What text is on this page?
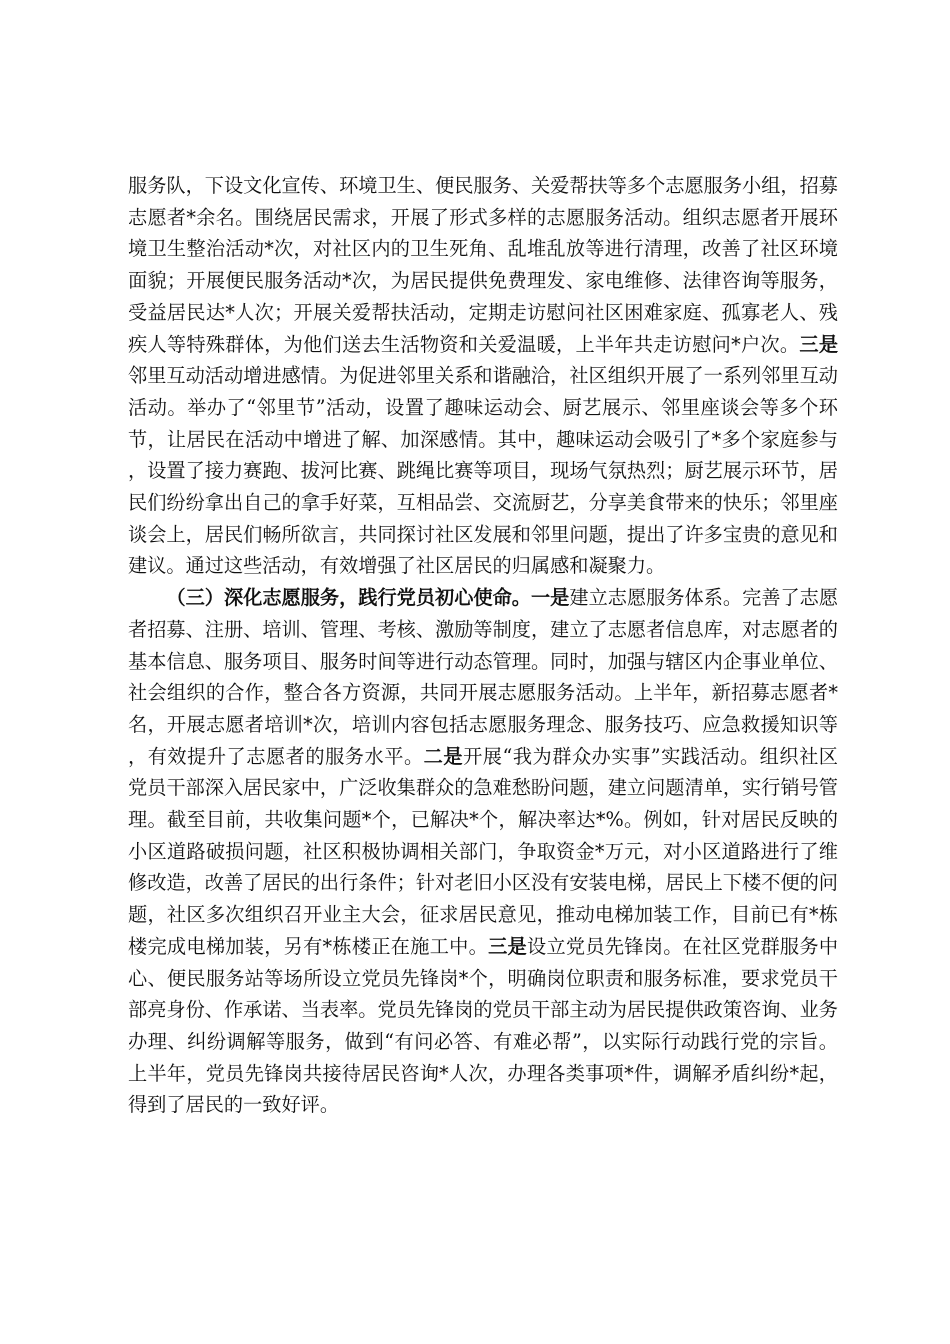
服务队，下设文化宣传、环境卫生、便民服务、关爱帮扶等多个志愿服务小组，招募志愿者*余名。围绕居民需求，开展了形式多样的志愿服务活动。组织志愿者开展环境卫生整治活动*次，对社区内的卫生死角、乱堆乱放等进行清理，改善了社区环境面貌；开展便民服务活动*次，为居民提供免费理发、家电维修、法律咨询等服务，受益居民达*人次；开展关爱帮扶活动，定期走访慰问社区困难家庭、孤寡老人、残疾人等特殊群体，为他们送去生活物资和关爱温暖，上半年共走访慰问*户次。三是邻里互动活动增进感情。为促进邻里关系和谐融洽，社区组织开展了一系列邻里互动活动。举办了“邻里节”活动，设置了趣味运动会、厨艺展示、邻里座谈会等多个环节，让居民在活动中增进了解、加深感情。其中，趣味运动会吸引了*多个家庭参与，设置了接力赛跑、拔河比赛、跳绳比赛等项目，现场气氛热烈；厨艺展示环节，居民们纷纷拿出自己的拿手好菜，互相品尝、交流厨艺，分享美食带来的快乐；邻里座谈会上，居民们畅所欲言，共同探讨社区发展和邻里问题，提出了许多宝贵的意见和建议。通过这些活动，有效增强了社区居民的归属感和凝聚力。

（三）深化志愿服务，践行党员初心使命。一是建立志愿服务体系。完善了志愿者招募、注册、培训、管理、考核、激励等制度，建立了志愿者信息库，对志愿者的基本信息、服务项目、服务时间等进行动态管理。同时，加强与辖区内企事业单位、社会组织的合作，整合各方资源，共同开展志愿服务活动。上半年，新招募志愿者*名，开展志愿者培训*次，培训内容包括志愿服务理念、服务技巧、应急救援知识等，有效提升了志愿者的服务水平。二是开展“我为群众办实事”实践活动。组织社区党员干部深入居民家中，广泛收集群众的急难愁盼问题，建立问题清单，实行销号管理。截至目前，共收集问题*个，已解决*个，解决率达*%。例如，针对居民反映的小区道路破损问题，社区积极协调相关部门，争取资金*万元，对小区道路进行了维修改造，改善了居民的出行条件；针对老旧小区没有安装电梯，居民上下楼不便的问题，社区多次组织召开业主大会，征求居民意见，推动电梯加装工作，目前已有*栋楼完成电梯加装，另有*栋楼正在施工中。三是设立党员先锋岗。在社区党群服务中心、便民服务站等场所设立党员先锋岗*个，明确岗位职责和服务标准，要求党员干部亮身份、作承诺、当表率。党员先锋岗的党员干部主动为居民提供政策咨询、业务办理、纠纷调解等服务，做到“有问必答、有难必帮”，以实际行动践行党的宗旨。上半年，党员先锋岗共接待居民咨询*人次，办理各类事项*件，调解矛盾纠纷*起，得到了居民的一致好评。
